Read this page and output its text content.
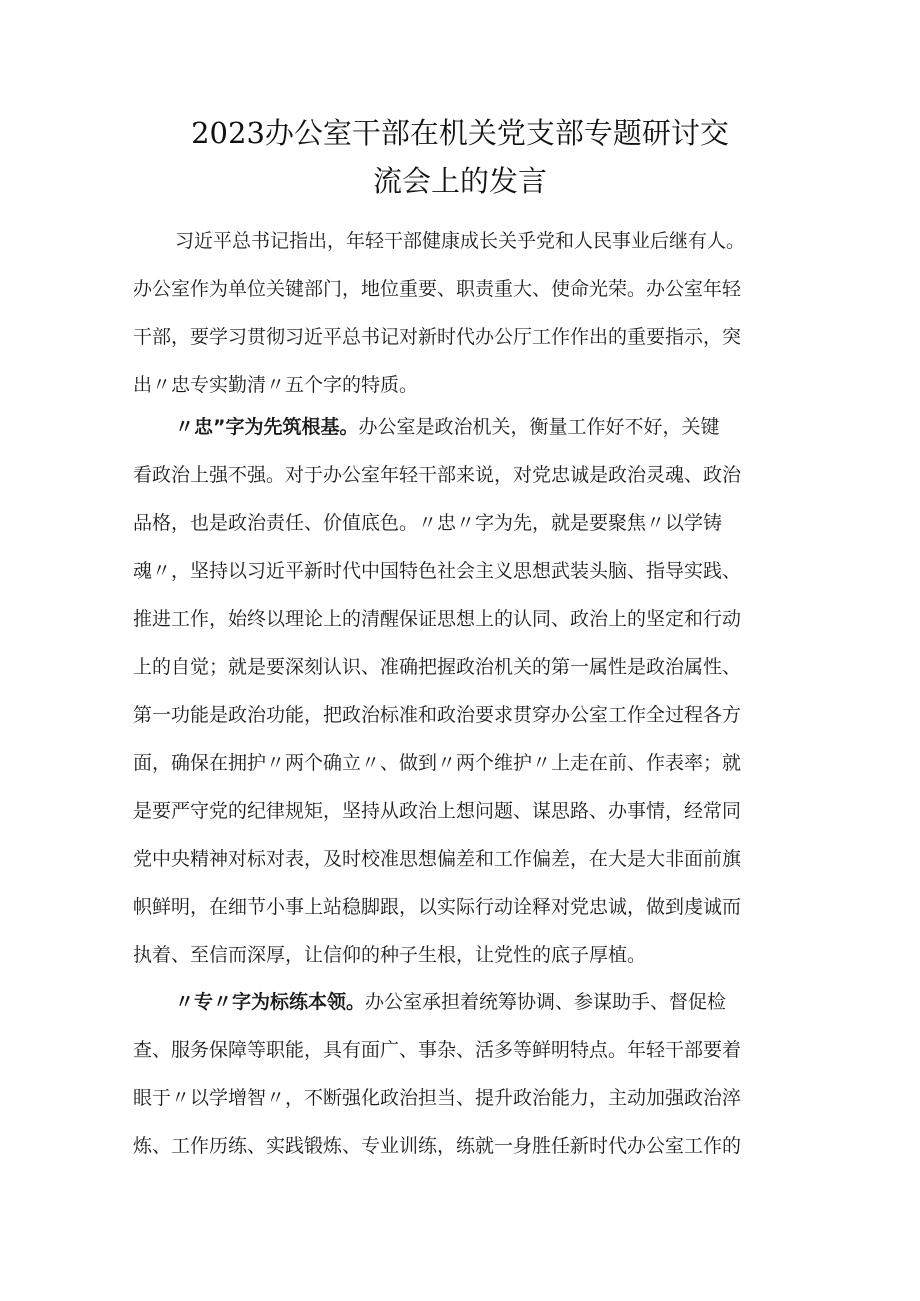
2023办公室干部在机关党支部专题研讨交
流会上的发言
习近平总书记指出，年轻干部健康成长关乎党和人民事业后继有人。
办公室作为单位关键部门，地位重要、职责重大、使命光荣。办公室年轻
干部，要学习贯彻习近平总书记对新时代办公厅工作作出的重要指示，突
出〃忠专实勤清〃五个字的特质。
〃忠”字为先筑根基。办公室是政治机关，衡量工作好不好，关键
看政治上强不强。对于办公室年轻干部来说，对党忠诚是政治灵魂、政治
品格，也是政治责任、价值底色。〃忠〃字为先，就是要聚焦〃以学铸
魂〃，坚持以习近平新时代中国特色社会主义思想武装头脑、指导实践、
推进工作，始终以理论上的清醒保证思想上的认同、政治上的坚定和行动
上的自觉；就是要深刻认识、准确把握政治机关的第一属性是政治属性、
第一功能是政治功能，把政治标准和政治要求贯穿办公室工作全过程各方
面，确保在拥护〃两个确立〃、做到〃两个维护〃上走在前、作表率；就
是要严守党的纪律规矩，坚持从政治上想问题、谋思路、办事情，经常同
党中央精神对标对表，及时校准思想偏差和工作偏差，在大是大非面前旗
帜鲜明，在细节小事上站稳脚跟，以实际行动诠释对党忠诚，做到虔诚而
执着、至信而深厚，让信仰的种子生根，让党性的底子厚植。
〃专〃字为标练本领。办公室承担着统筹协调、参谋助手、督促检
查、服务保障等职能，具有面广、事杂、活多等鲜明特点。年轻干部要着
眼于〃以学增智〃，不断强化政治担当、提升政治能力，主动加强政治淬
炼、工作历练、实践锻炼、专业训练，练就一身胜任新时代办公室工作的
